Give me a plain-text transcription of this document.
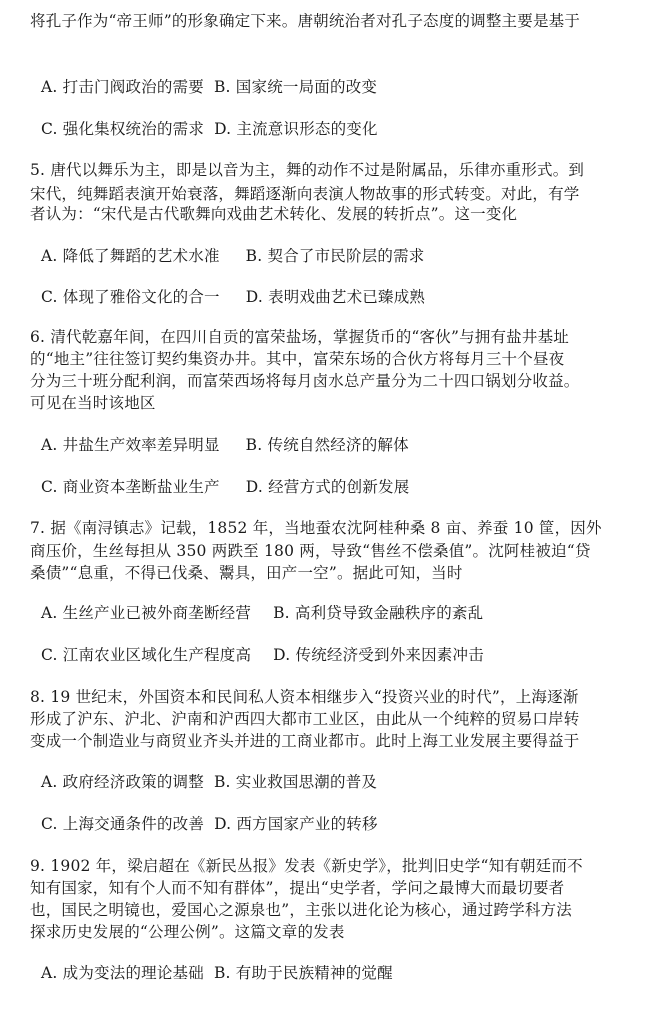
将孔子作为“帝王师”的形象确定下来。唐朝统治者对孔子态度的调整主要是基于
A. 打击门阀政治的需要 B. 国家统一局面的改变
C. 强化集权统治的需求 D. 主流意识形态的变化
5. 唐代以舞乐为主，即是以音为主，舞的动作不过是附属品，乐律亦重形式。到
宋代，纯舞蹈表演开始衰落，舞蹈逐渐向表演人物故事的形式转变。对此，有学
者认为：“宋代是古代歌舞向戏曲艺术转化、发展的转折点”。这一变化
A. 降低了舞蹈的艺术水准 B. 契合了市民阶层的需求
C. 体现了雅俗文化的合一 D. 表明戏曲艺术已臻成熟
6. 清代乾嘉年间，在四川自贡的富荣盐场，掌握货币的“客伙”与拥有盐井基址
的“地主”往往签订契约集资办井。其中，富荣东场的合伙方将每月三十个昼夜
分为三十班分配利润，而富荣西场将每月卤水总产量分为二十四口锅划分收益。
可见在当时该地区
A. 井盐生产效率差异明显 B. 传统自然经济的解体
C. 商业资本垄断盐业生产 D. 经营方式的创新发展
7. 据《南浔镇志》记载，1852 年，当地蚕农沈阿桂种桑 8 亩、养蚕 10 筐，因外
商压价，生丝每担从 350 两跌至 180 两，导致“售丝不偿桑值”。沈阿桂被迫“贷
桑债”“息重，不得已伐桑、鬻具，田产一空”。据此可知，当时
A. 生丝产业已被外商垄断经营 B. 高利贷导致金融秩序的紊乱
C. 江南农业区域化生产程度高 D. 传统经济受到外来因素冲击
8. 19 世纪末，外国资本和民间私人资本相继步入“投资兴业的时代”，上海逐渐
形成了沪东、沪北、沪南和沪西四大都市工业区，由此从一个纯粹的贸易口岸转
变成一个制造业与商贸业齐头并进的工商业都市。此时上海工业发展主要得益于
A. 政府经济政策的调整 B. 实业救国思潮的普及
C. 上海交通条件的改善 D. 西方国家产业的转移
9. 1902 年，梁启超在《新民丛报》发表《新史学》，批判旧史学“知有朝廷而不
知有国家，知有个人而不知有群体”，提出“史学者，学问之最博大而最切要者
也，国民之明镜也，爱国心之源泉也”，主张以进化论为核心，通过跨学科方法
探求历史发展的“公理公例”。这篇文章的发表
A. 成为变法的理论基础 B. 有助于民族精神的觉醒
